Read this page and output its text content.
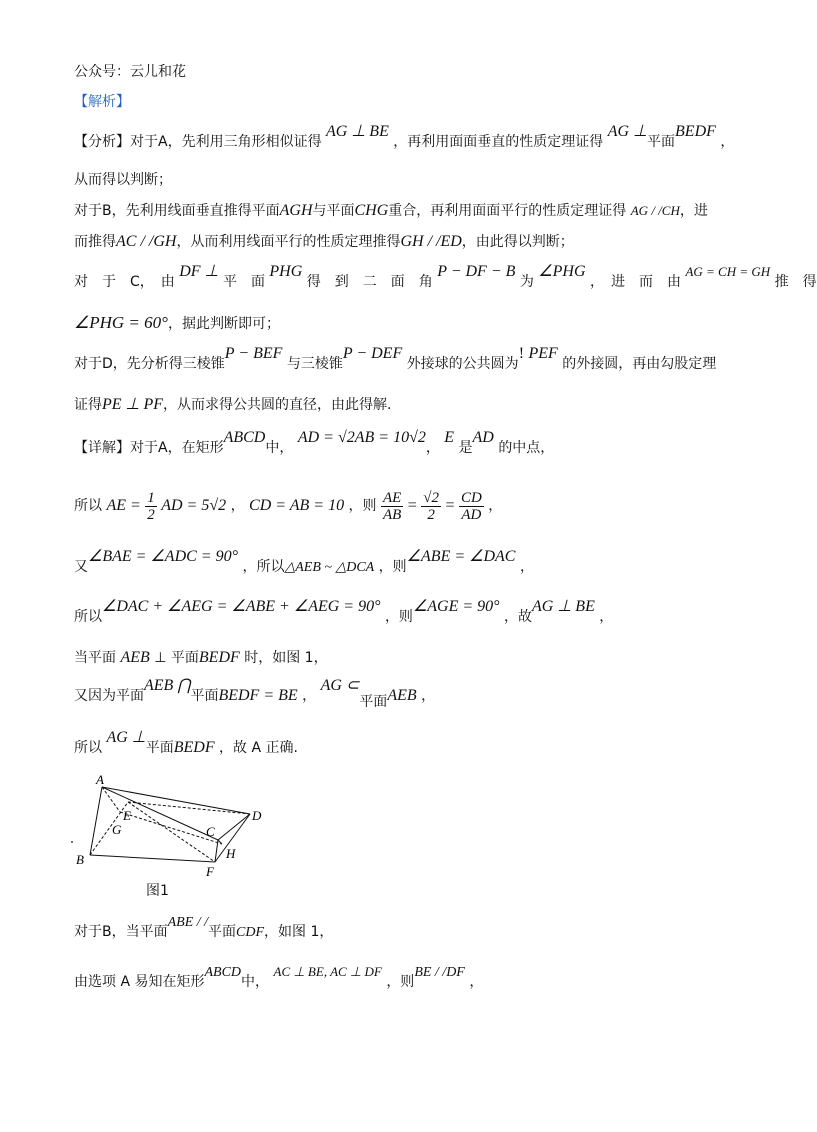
公众号：云儿和花
【解析】
【分析】对于A，先利用三角形相似证得 AG ⊥ BE ，再利用面面垂直的性质定理证得 AG ⊥平面BEDF ，
从而得以判断；
对于B，先利用线面垂直推得平面AGH与平面CHG重合，再利用面面平行的性质定理证得 AG / /CH，进
而推得AC / /GH，从而利用线面平行的性质定理推得GH / /ED，由此得以判断；
对　于　C，　由 DF ⊥ 平　面 PHG 得　到　二　面　角 P − DF − B 为 ∠PHG ，　进　而　由 AG = CH = GH 推　得
∠PHG = 60°，据此判断即可；
对于D，先分析得三棱锥P − BEF 与三棱锥P − DEF 外接球的公共圆为! PEF 的外接圆，再由勾股定理
证得PE ⊥ PF，从而求得公共圆的直径，由此得解.
【详解】对于A，在矩形ABCD中， AD = √2AB = 10√2， E 是AD 的中点，
所以 AE = $\frac{1}{2}$ AD = 5√2 ， CD = AB = 10 ，则 $\frac{AE}{AB} = \frac{√2}{2} = \frac{CD}{AD}$ ，
又∠BAE = ∠ADC = 90° ，所以△AEB ~ △DCA ，则∠ABE = ∠DAC ，
所以∠DAC + ∠AEG = ∠ABE + ∠AEG = 90° ，则∠AGE = 90° ，故AG ⊥ BE ，
当平面 AEB ⊥ 平面BEDF 时，如图 1，
又因为平面AEB ⋂平面BEDF = BE ， AG ⊂平面AEB ，
所以 AG ⊥平面BEDF ，故 A 正确.
A
B
C
D
E
F
G
H
图1
对于B，当平面ABE / /平面CDF，如图 1，
由选项 A 易知在矩形ABCD中， AC ⊥ BE, AC ⊥ DF ，则BE / /DF ，
